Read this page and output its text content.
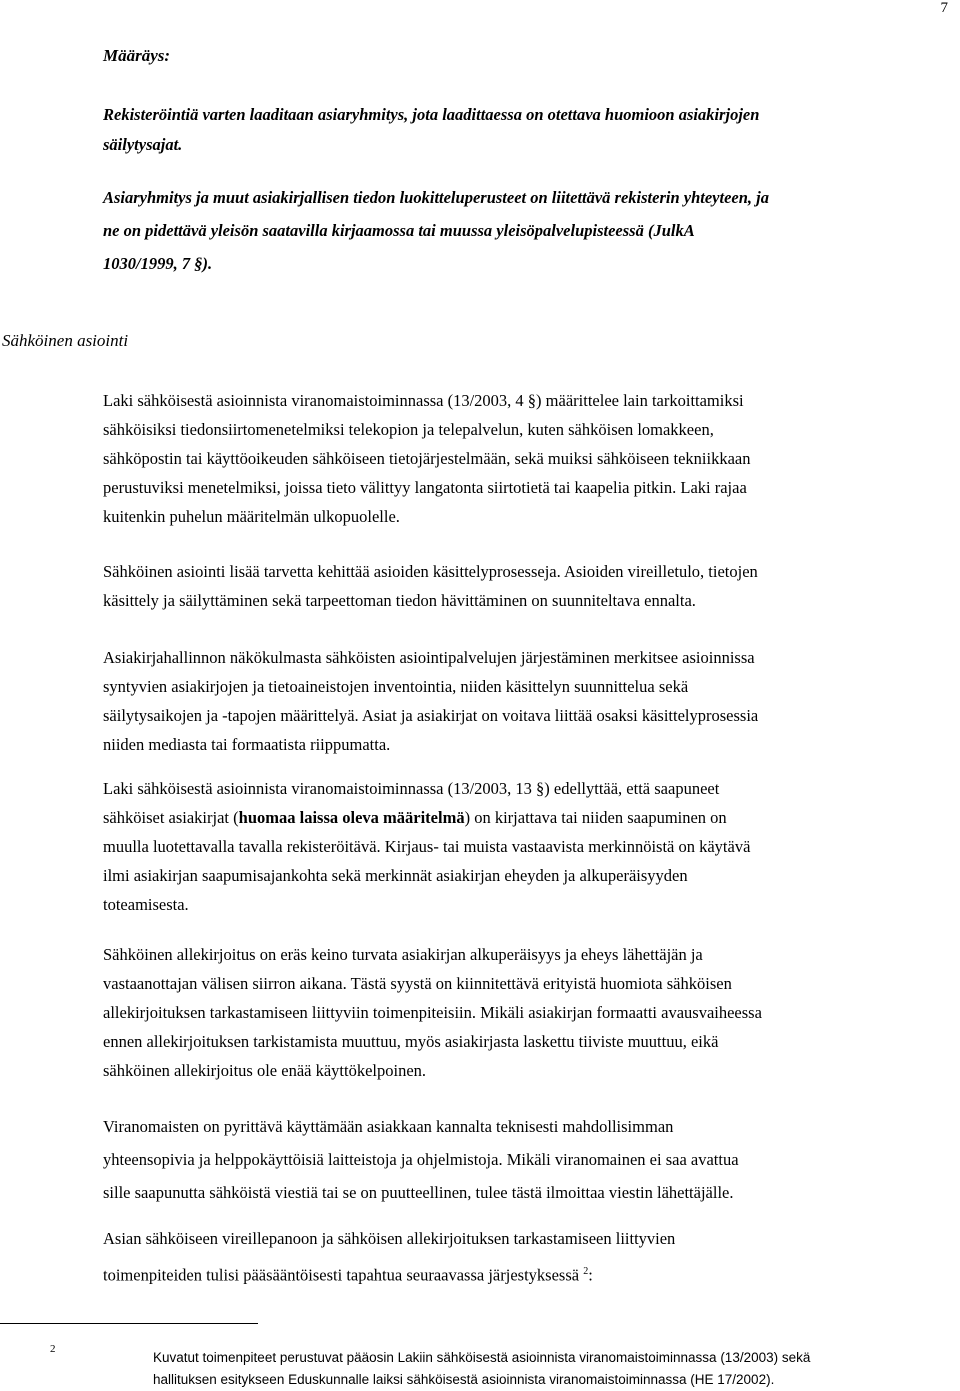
7
Määräys:
Rekisteröintiä varten laaditaan asiaryhmitys, jota laadittaessa on otettava huomioon asiakirjojen
säilytysajat.
Asiaryhmitys ja muut asiakirjallisen tiedon luokitteluperusteet on liitettävä rekisterin yhteyteen, ja
ne on pidettävä yleisön saatavilla kirjaamossa tai muussa yleisöpalvelupisteessä (JulkA
1030/1999, 7 §).
Sähköinen asiointi
Laki sähköisestä asioinnista viranomaistoiminnassa (13/2003, 4 §) määrittelee lain tarkoittamiksi
sähköisiksi tiedonsiirtomenetelmiksi telekopion ja telepalvelun, kuten sähköisen lomakkeen,
sähköpostin tai käyttöoikeuden sähköiseen tietojärjestelmään, sekä muiksi sähköiseen tekniikkaan
perustuviksi menetelmiksi, joissa tieto välittyy langatonta siirtotietä tai kaapelia pitkin. Laki rajaa
kuitenkin puhelun määritelmän ulkopuolelle.
Sähköinen asiointi lisää tarvetta kehittää asioiden käsittelyprosesseja. Asioiden vireilletulo, tietojen
käsittely ja säilyttäminen sekä tarpeettoman tiedon hävittäminen on suunniteltava ennalta.
Asiakirjahallinnon näkökulmasta sähköisten asiointipalvelujen järjestäminen merkitsee asioinnissa
syntyvien asiakirjojen ja tietoaineistojen inventointia, niiden käsittelyn suunnittelua sekä
säilytysaikojen ja -tapojen määrittelyä. Asiat ja asiakirjat on voitava liittää osaksi käsittelyprosessia
niiden mediasta tai formaatista riippumatta.
Laki sähköisestä asioinnista viranomaistoiminnassa (13/2003, 13 §) edellyttää, että saapuneet
sähköiset asiakirjat (huomaa laissa oleva määritelmä) on kirjattava tai niiden saapuminen on
muulla luotettavalla tavalla rekisteröitävä. Kirjaus- tai muista vastaavista merkinnöistä on käytävä
ilmi asiakirjan saapumisajankohta sekä merkinnät asiakirjan eheyden ja alkuperäisyyden
toteamisesta.
Sähköinen allekirjoitus on eräs keino turvata asiakirjan alkuperäisyys ja eheys lähettäjän ja
vastaanottajan välisen siirron aikana. Tästä syystä on kiinnitettävä erityistä huomiota sähköisen
allekirjoituksen tarkastamiseen liittyviin toimenpiteisiin. Mikäli asiakirjan formaatti avausvaiheessa
ennen allekirjoituksen tarkistamista muuttuu, myös asiakirjasta laskettu tiiviste muuttuu, eikä
sähköinen allekirjoitus ole enää käyttökelpoinen.
Viranomaisten on pyrittävä käyttämään asiakkaan kannalta teknisesti mahdollisimman
yhteensopivia ja helppokäyttöisiä laitteistoja ja ohjelmistoja. Mikäli viranomainen ei saa avattua
sille saapunutta sähköistä viestiä tai se on puutteellinen, tulee tästä ilmoittaa viestin lähettäjälle.
Asian sähköiseen vireillepanoon ja sähköisen allekirjoituksen tarkastamiseen liittyvien
toimenpiteiden tulisi pääsääntöisesti tapahtua seuraavassa järjestyksessä $^2$:
2
Kuvatut toimenpiteet perustuvat pääosin Lakiin sähköisestä asioinnista viranomaistoiminnassa (13/2003) sekä
hallituksen esitykseen Eduskunnalle laiksi sähköisestä asioinnista viranomaistoiminnassa (HE 17/2002).
